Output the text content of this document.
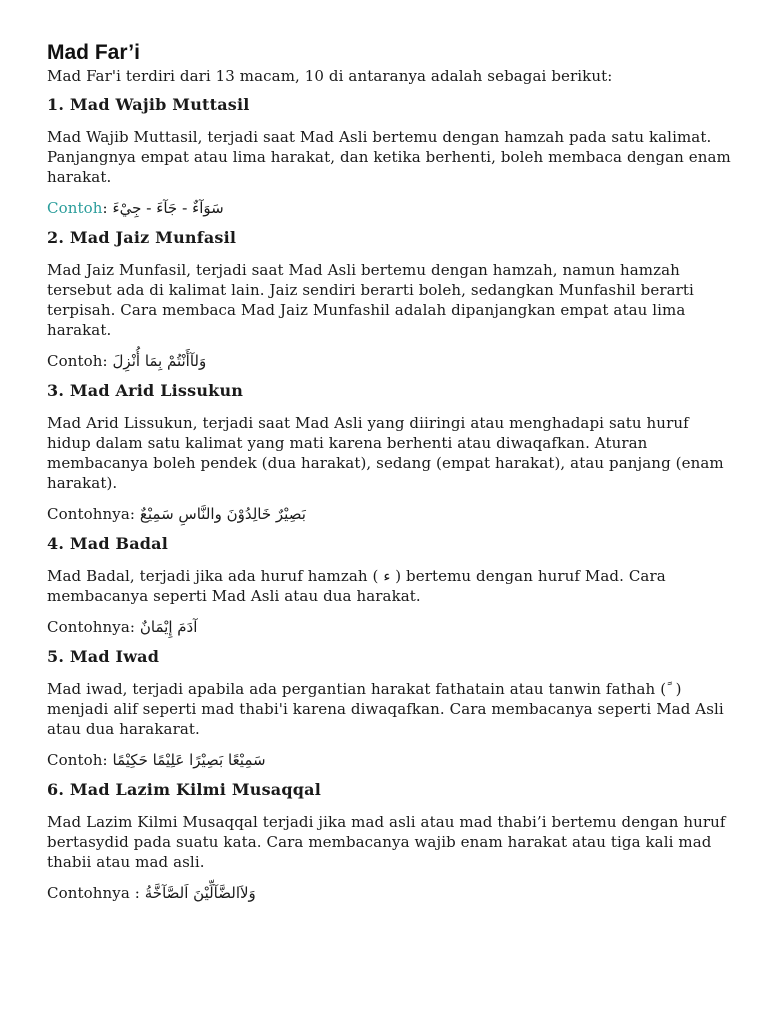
Mad Far’i

Mad Far'i terdiri dari 13 macam, 10 di antaranya adalah sebagai berikut:

1. Mad Wajib Muttasil

Mad Wajib Muttasil, terjadi saat Mad Asli bertemu dengan hamzah pada satu kalimat. Panjangnya empat atau lima harakat, dan ketika berhenti, boleh membaca dengan enam harakat.

Contoh: سَوَآءٌ - جَآءَ - جِيْءَ

2. Mad Jaiz Munfasil

Mad Jaiz Munfasil, terjadi saat Mad Asli bertemu dengan hamzah, namun hamzah tersebut ada di kalimat lain. Jaiz sendiri berarti boleh, sedangkan Munfashil berarti terpisah. Cara membaca Mad Jaiz Munfashil adalah dipanjangkan empat atau lima harakat.

Contoh: وَلآأَنْتُمْ بِمَا أُنْزِلَ

3. Mad Arid Lissukun

Mad Arid Lissukun, terjadi saat Mad Asli yang diiringi atau menghadapi satu huruf hidup dalam satu kalimat yang mati karena berhenti atau diwaqafkan. Aturan membacanya boleh pendek (dua harakat), sedang (empat harakat), atau panjang (enam harakat).

Contohnya: بَصِيْرٌ خَالِدُوْنَ والنَّاسِ سَمِيْعٌ

4. Mad Badal

Mad Badal, terjadi jika ada huruf hamzah ( ء ) bertemu dengan huruf Mad. Cara membacanya seperti Mad Asli atau dua harakat.

Contohnya: آدَمَ إِيْمَانٌ

5. Mad Iwad

Mad iwad, terjadi apabila ada pergantian harakat fathatain atau tanwin fathah ( ً ) menjadi alif seperti mad thabi'i karena diwaqafkan. Cara membacanya seperti Mad Asli atau dua harakarat.

Contoh: سَمِيْعًا بَصِيْرًا عَلِيْمًا حَكِيْمًا

6. Mad Lazim Kilmi Musaqqal

Mad Lazim Kilmi Musaqqal terjadi jika mad asli atau mad thabi’i bertemu dengan huruf bertasydid pada suatu kata. Cara membacanya wajib enam harakat atau tiga kali mad thabii atau mad asli.

Contohnya : وَلاَالضَّآلِّيْنَ اَلصَّآخَّةُ
